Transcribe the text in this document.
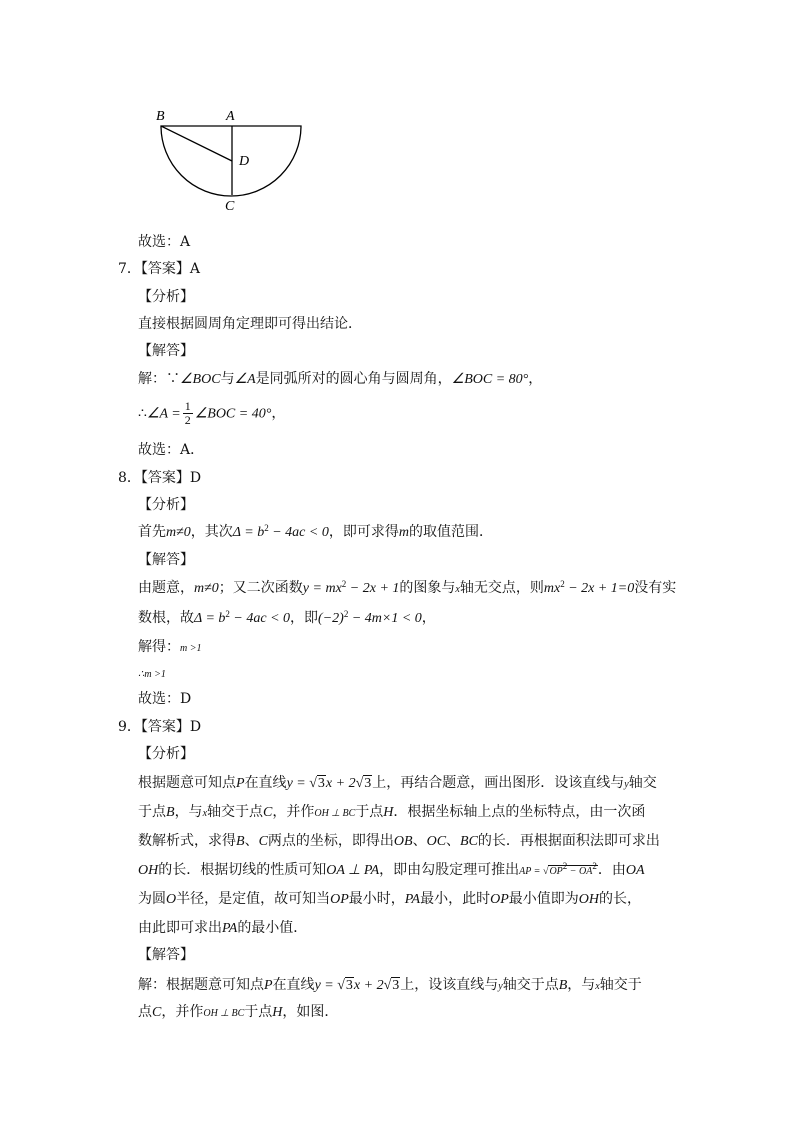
B	A
D
C
故选：A
7．【答案】A
【分析】
直接根据圆周角定理即可得出结论．
【解答】
解：∵∠BOC与∠A是同弧所对的圆心角与圆周角，∠BOC = 80°，
∴∠A = $\frac{1}{2}$ ∠BOC = 40°，
故选：A．
8．【答案】D
【分析】
首先m≠0，其次$\Delta = b^2 - 4ac < 0$，即可求得m的取值范围．
【解答】
由题意，m≠0；又二次函数$y = mx^2 - 2x + 1$的图象与x轴无交点，则$mx^2 - 2x + 1=0$没有实
数根，故$\Delta = b^2 - 4ac < 0$，即$(-2)^2 - 4m\times 1 < 0$，
解得：m >1
∴m >1
故选：D
9．【答案】D
【分析】
根据题意可知点P在直线y = √3x + 2√3上，再结合题意，画出图形．设该直线与y轴交
于点B，与x轴交于点C，并作OH ⊥ BC于点H．根据坐标轴上点的坐标特点，由一次函
数解析式，求得B、C两点的坐标，即得出OB、OC、BC的长．再根据面积法即可求出
OH的长．根据切线的性质可知OA ⊥ PA，即由勾股定理可推出AP = $√OP^2 - OA^2$．由OA
为圆O半径，是定值，故可知当OP最小时，PA最小，此时OP最小值即为OH的长，
由此即可求出PA的最小值．
【解答】
解：根据题意可知点P在直线y = √3x + 2√3上，设该直线与y轴交于点B，与x轴交于
点C，并作OH ⊥ BC于点H，如图．
